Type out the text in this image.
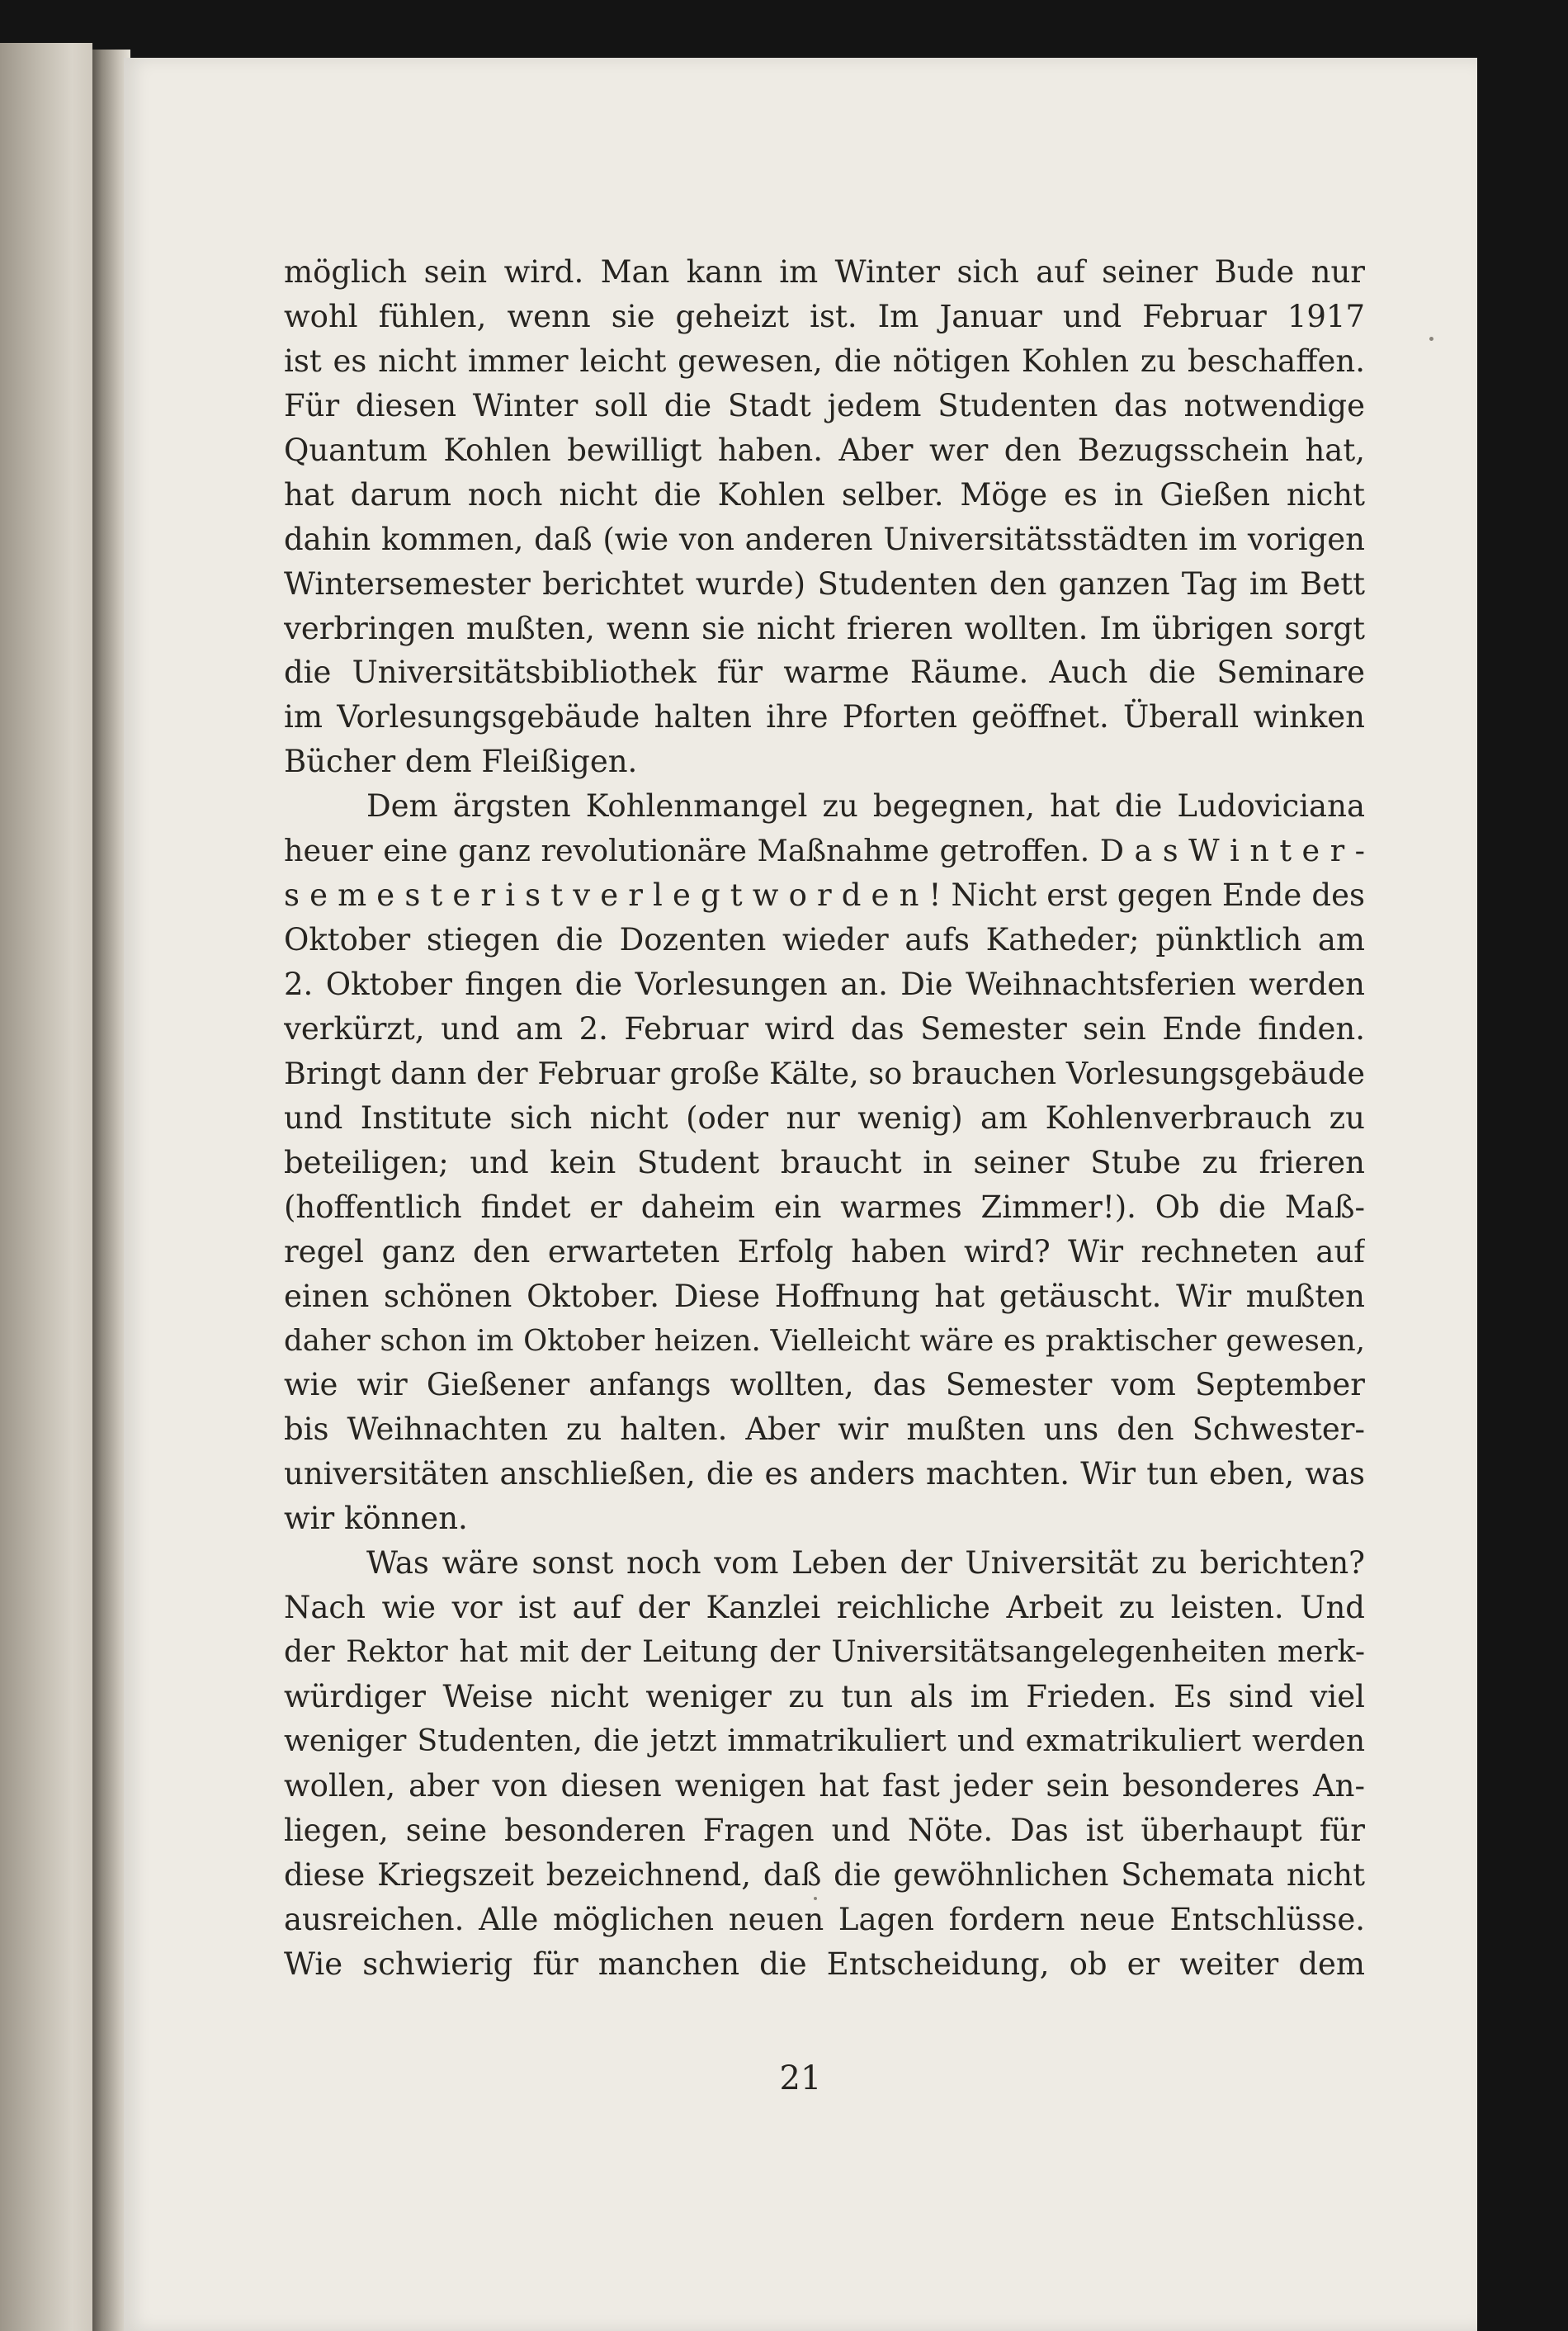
möglich sein wird. Man kann im Winter sich auf seiner Bude nur
wohl fühlen, wenn sie geheizt ist. Im Januar und Februar 1917
ist es nicht immer leicht gewesen, die nötigen Kohlen zu beschaffen.
Für diesen Winter soll die Stadt jedem Studenten das notwendige
Quantum Kohlen bewilligt haben. Aber wer den Bezugsschein hat,
hat darum noch nicht die Kohlen selber. Möge es in Gießen nicht
dahin kommen, daß (wie von anderen Universitätsstädten im vorigen
Wintersemester berichtet wurde) Studenten den ganzen Tag im Bett
verbringen mußten, wenn sie nicht frieren wollten. Im übrigen sorgt
die Universitätsbibliothek für warme Räume. Auch die Seminare
im Vorlesungsgebäude halten ihre Pforten geöffnet. Überall winken
Bücher dem Fleißigen.
Dem ärgsten Kohlenmangel zu begegnen, hat die Ludoviciana
heuer eine ganz revolutionäre Maßnahme getroffen. D a s W i n t e r -
s e m e s t e r i s t v e r l e g t w o r d e n ! Nicht erst gegen Ende des
Oktober stiegen die Dozenten wieder aufs Katheder; pünktlich am
2. Oktober fingen die Vorlesungen an. Die Weihnachtsferien werden
verkürzt, und am 2. Februar wird das Semester sein Ende finden.
Bringt dann der Februar große Kälte, so brauchen Vorlesungsgebäude
und Institute sich nicht (oder nur wenig) am Kohlenverbrauch zu
beteiligen; und kein Student braucht in seiner Stube zu frieren
(hoffentlich findet er daheim ein warmes Zimmer!). Ob die Maß-
regel ganz den erwarteten Erfolg haben wird? Wir rechneten auf
einen schönen Oktober. Diese Hoffnung hat getäuscht. Wir mußten
daher schon im Oktober heizen. Vielleicht wäre es praktischer gewesen,
wie wir Gießener anfangs wollten, das Semester vom September
bis Weihnachten zu halten. Aber wir mußten uns den Schwester-
universitäten anschließen, die es anders machten. Wir tun eben, was
wir können.
Was wäre sonst noch vom Leben der Universität zu berichten?
Nach wie vor ist auf der Kanzlei reichliche Arbeit zu leisten. Und
der Rektor hat mit der Leitung der Universitätsangelegenheiten merk-
würdiger Weise nicht weniger zu tun als im Frieden. Es sind viel
weniger Studenten, die jetzt immatrikuliert und exmatrikuliert werden
wollen, aber von diesen wenigen hat fast jeder sein besonderes An-
liegen, seine besonderen Fragen und Nöte. Das ist überhaupt für
diese Kriegszeit bezeichnend, daß die gewöhnlichen Schemata nicht
ausreichen. Alle möglichen neuen Lagen fordern neue Entschlüsse.
Wie schwierig für manchen die Entscheidung, ob er weiter dem
21
